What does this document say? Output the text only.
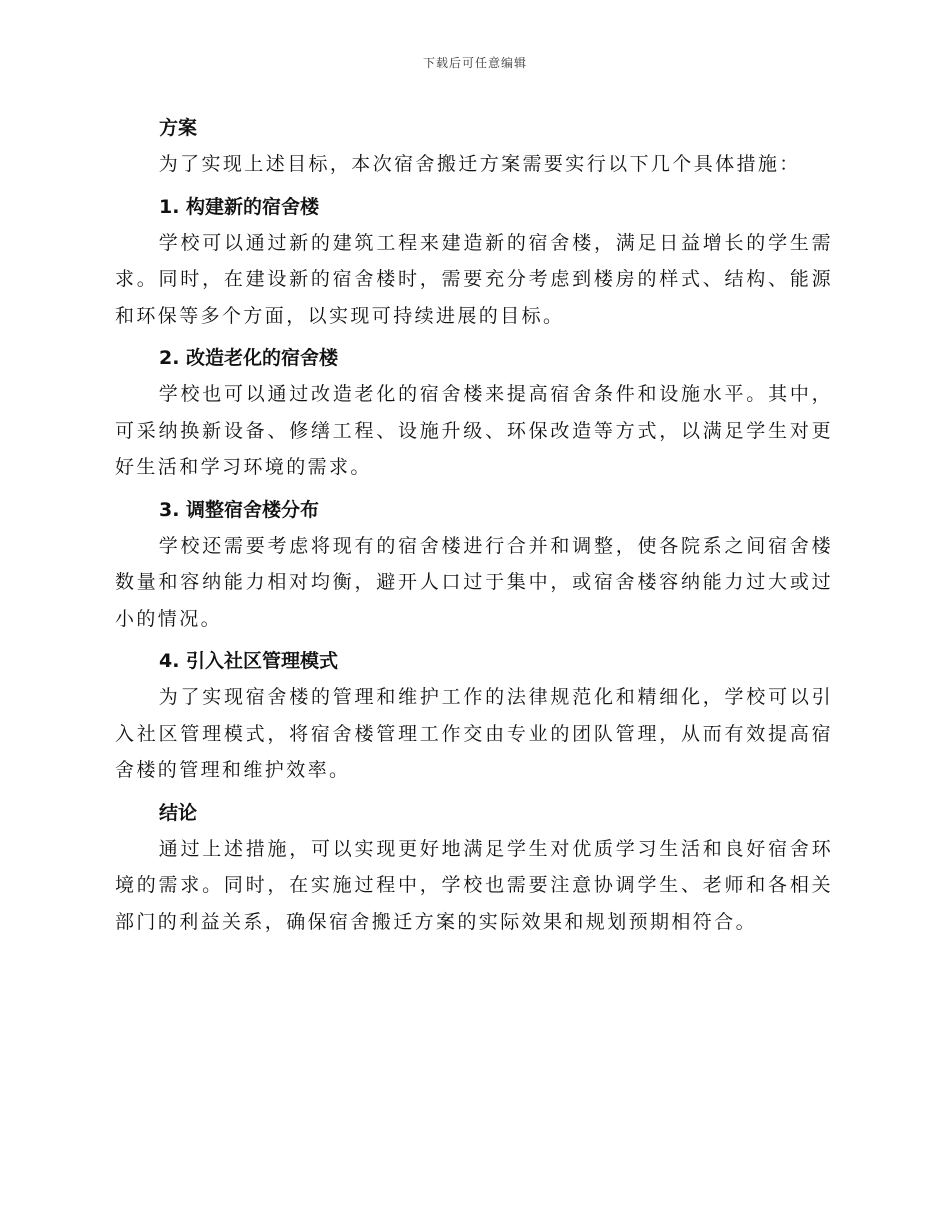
下载后可任意编辑
方案

为了实现上述目标，本次宿舍搬迁方案需要实行以下几个具体措施：

1. 构建新的宿舍楼

学校可以通过新的建筑工程来建造新的宿舍楼，满足日益增长的学生需求。同时，在建设新的宿舍楼时，需要充分考虑到楼房的样式、结构、能源和环保等多个方面，以实现可持续进展的目标。

2. 改造老化的宿舍楼

学校也可以通过改造老化的宿舍楼来提高宿舍条件和设施水平。其中，可采纳换新设备、修缮工程、设施升级、环保改造等方式，以满足学生对更好生活和学习环境的需求。

3. 调整宿舍楼分布

学校还需要考虑将现有的宿舍楼进行合并和调整，使各院系之间宿舍楼数量和容纳能力相对均衡，避开人口过于集中，或宿舍楼容纳能力过大或过小的情况。

4. 引入社区管理模式

为了实现宿舍楼的管理和维护工作的法律规范化和精细化，学校可以引入社区管理模式，将宿舍楼管理工作交由专业的团队管理，从而有效提高宿舍楼的管理和维护效率。

结论

通过上述措施，可以实现更好地满足学生对优质学习生活和良好宿舍环境的需求。同时，在实施过程中，学校也需要注意协调学生、老师和各相关部门的利益关系，确保宿舍搬迁方案的实际效果和规划预期相符合。
